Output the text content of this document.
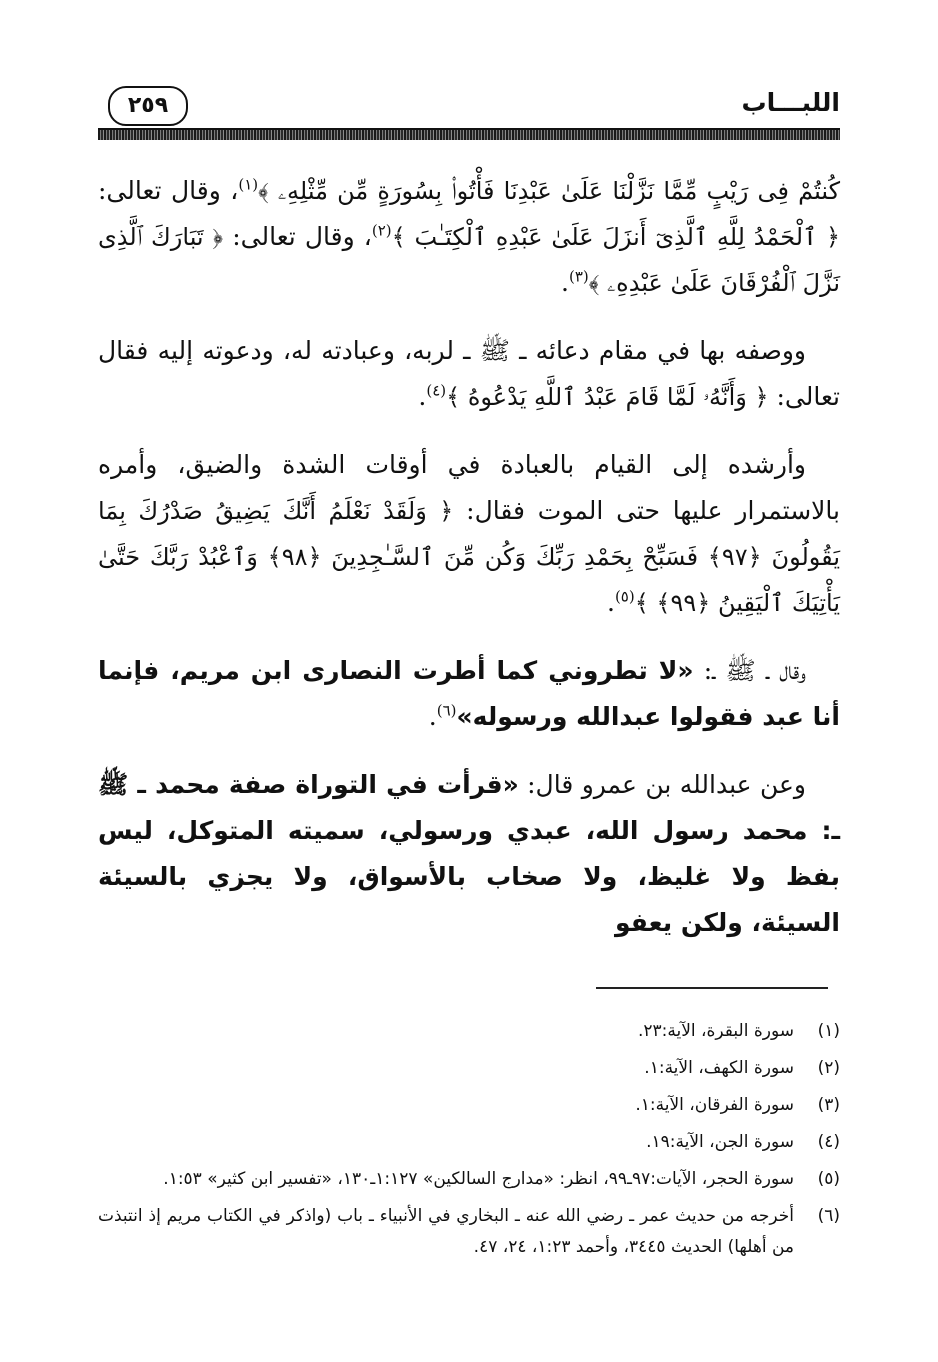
اللبـــاب
٢٥٩

كُنتُمْ فِى رَيْبٍ مِّمَّا نَزَّلْنَا عَلَىٰ عَبْدِنَا فَأْتُوا۟ بِسُورَةٍ مِّن مِّثْلِهِۦ ﴾$^{(١)}$، وقال تعالى: ﴿ ٱلْحَمْدُ لِلَّهِ ٱلَّذِىٓ أَنزَلَ عَلَىٰ عَبْدِهِ ٱلْكِتَـٰبَ ﴾$^{(٢)}$، وقال تعالى: ﴿ تَبَارَكَ ٱلَّذِى نَزَّلَ ٱلْفُرْقَانَ عَلَىٰ عَبْدِهِۦ ﴾$^{(٣)}$.

ووصفه بها في مقام دعائه ـ ﷺ ـ لربه، وعبادته له، ودعوته إليه فقال تعالى: ﴿ وَأَنَّهُۥ لَمَّا قَامَ عَبْدُ ٱللَّهِ يَدْعُوهُ ﴾$^{(٤)}$.

وأرشده إلى القيام بالعبادة في أوقات الشدة والضيق، وأمره بالاستمرار عليها حتى الموت فقال: ﴿ وَلَقَدْ نَعْلَمُ أَنَّكَ يَضِيقُ صَدْرُكَ بِمَا يَقُولُونَ ﴿٩٧﴾ فَسَبِّحْ بِحَمْدِ رَبِّكَ وَكُن مِّنَ ٱلسَّـٰجِدِينَ ﴿٩٨﴾ وَٱعْبُدْ رَبَّكَ حَتَّىٰ يَأْتِيَكَ ٱلْيَقِينُ ﴿٩٩﴾ ﴾$^{(٥)}$.

وقال ـ ﷺ ـ: «لا تطروني كما أطرت النصارى ابن مريم، فإنما أنا عبد فقولوا عبدالله ورسوله»$^{(٦)}$.

وعن عبدالله بن عمرو قال: «قرأت في التوراة صفة محمد ـ ﷺ ـ: محمد رسول الله، عبدي ورسولي، سميته المتوكل، ليس بفظ ولا غليظ، ولا صخاب بالأسواق، ولا يجزي بالسيئة السيئة، ولكن يعفو

(١)
سورة البقرة، الآية:٢٣.
(٢)
سورة الكهف، الآية:١.
(٣)
سورة الفرقان، الآية:١.
(٤)
سورة الجن، الآية:١٩.
(٥)
سورة الحجر، الآيات:٩٧ـ٩٩، انظر: «مدارج السالكين» ١:١٢٧ـ١٣٠، «تفسير ابن كثير» ١:٥٣.
(٦)
أخرجه من حديث عمر ـ رضي الله عنه ـ البخاري في الأنبياء ـ باب (واذكر في الكتاب مريم إذ انتبذت من أهلها) الحديث ٣٤٤٥، وأحمد ١:٢٣، ٢٤، ٤٧.
